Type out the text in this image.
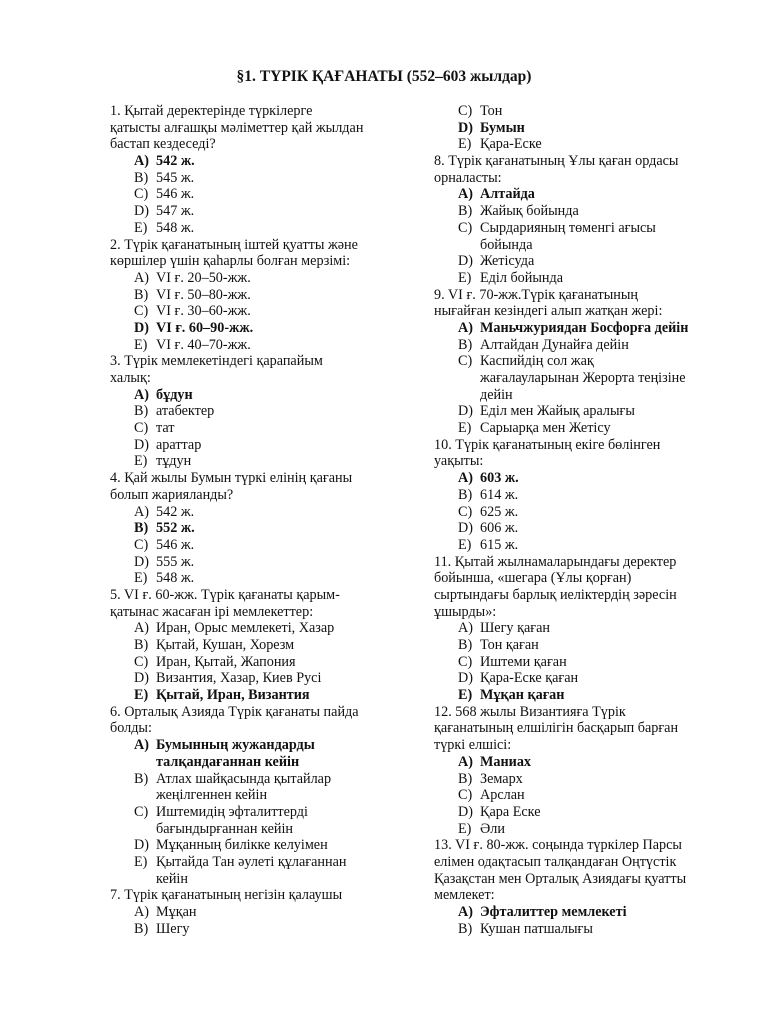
§1. ТҮРІК ҚАҒАНАТЫ (552–603 жылдар)
1. Қытай деректерінде түркілерге
қатысты алғашқы мәліметтер қай жылдан
бастап кездеседі?
A) 542 ж.
B) 545 ж.
C) 546 ж.
D) 547 ж.
E) 548 ж.
2. Түрік қағанатының іштей қуатты және
көршілер үшін қаһарлы болған мерзімі:
A) VI ғ. 20–50-жж.
B) VI ғ. 50–80-жж.
C) VI ғ. 30–60-жж.
D) VI ғ. 60–90-жж.
E) VI ғ. 40–70-жж.
3. Түрік мемлекетіндегі қарапайым
халық:
A) бұдун
B) атабектер
C) тат
D) араттар
E) тұдун
4. Қай жылы Бумын түркі елінің қағаны
болып жарияланды?
A) 542 ж.
B) 552 ж.
C) 546 ж.
D) 555 ж.
E) 548 ж.
5. VI ғ. 60-жж. Түрік қағанаты қарым-
қатынас жасаған ірі мемлекеттер:
A) Иран, Орыс мемлекеті, Хазар
B) Қытай, Кушан, Хорезм
C) Иран, Қытай, Жапония
D) Византия, Хазар, Киев Русі
E) Қытай, Иран, Византия
6. Орталық Азияда Түрік қағанаты пайда
болды:
A) Бумынның жужандарды
талқандағаннан кейін
B) Атлах шайқасында қытайлар
жеңілгеннен кейін
C) Иштемидің эфталиттерді
бағындырғаннан кейін
D) Мұқанның билікке келуімен
E) Қытайда Тан әулеті құлағаннан
кейін
7. Түрік қағанатының негізін қалаушы
A) Мұқан
B) Шегу
C) Тон
D) Бумын
E) Қара-Еске
8. Түрік қағанатының Ұлы қаған ордасы
орналасты:
A) Алтайда
B) Жайық бойында
C) Сырдарияның төменгі ағысы
бойында
D) Жетісуда
E) Еділ бойында
9. VI ғ. 70-жж.Түрік қағанатының
нығайған кезіндегі алып жатқан жері:
A) Маньчжуриядан Босфорға дейін
B) Алтайдан Дунайға дейін
C) Каспийдің сол жақ
жағалауларынан Жерорта теңізіне
дейін
D) Еділ мен Жайық аралығы
E) Сарыарқа мен Жетісу
10. Түрік қағанатының екіге бөлінген
уақыты:
A) 603 ж.
B) 614 ж.
C) 625 ж.
D) 606 ж.
E) 615 ж.
11. Қытай жылнамаларындағы деректер
бойынша, «шегара (Ұлы қорған)
сыртындағы барлық иеліктердің зәресін
ұшырды»:
A) Шегу қаған
B) Тон қаған
C) Иштеми қаған
D) Қара-Еске қаған
E) Мұқан қаған
12. 568 жылы Византияға Түрік
қағанатының елшілігін басқарып барған
түркі елшісі:
A) Маниах
B) Земарх
C) Арслан
D) Қара Еске
E) Әли
13. VI ғ. 80-жж. соңында түркілер Парсы
елімен одақтасып талқандаған Оңтүстік
Қазақстан мен Орталық Азиядағы қуатты
мемлекет:
A) Эфталиттер мемлекеті
B) Кушан патшалығы
